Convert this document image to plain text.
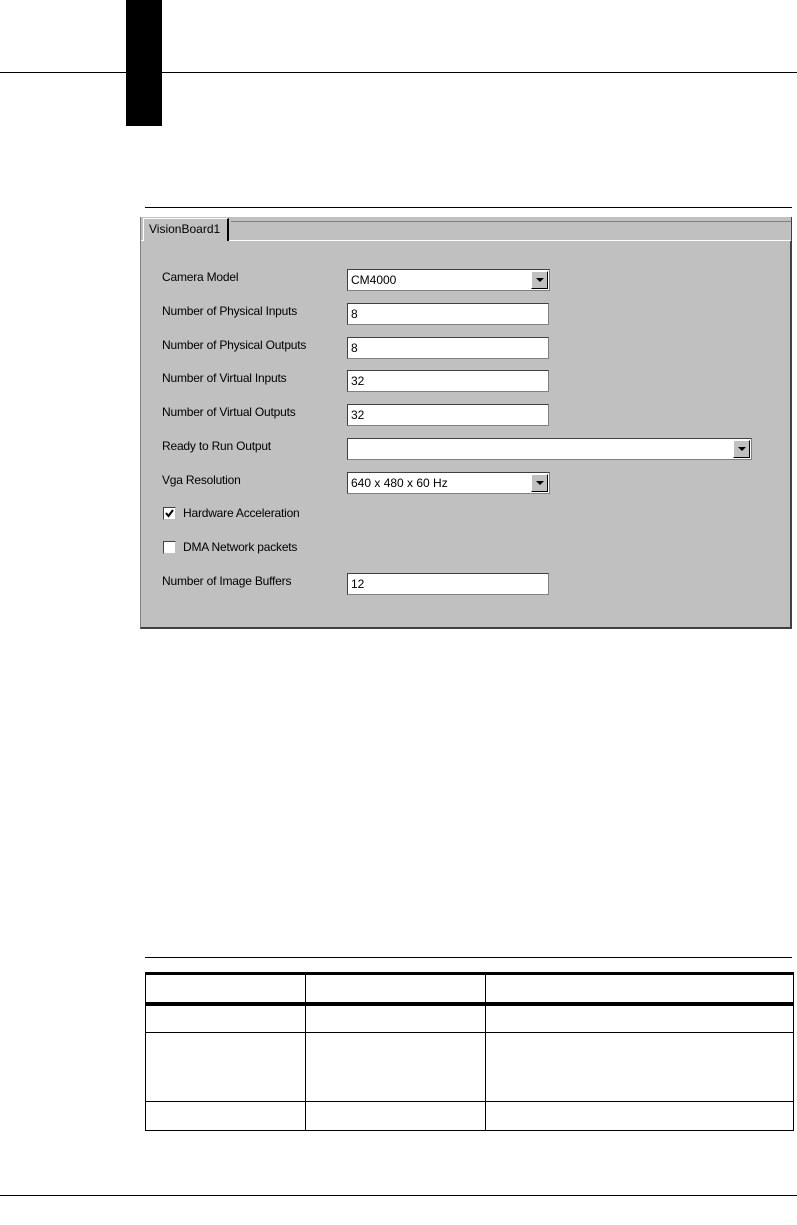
VisionBoard1
Camera Model	CM4000
Number of Physical Inputs	8
Number of Physical Outputs	8
Number of Virtual Inputs	32
Number of Virtual Outputs	32
Ready to Run Output
Vga Resolution	640 x 480 x 60 Hz
Hardware Acceleration
DMA Network packets
Number of Image Buffers	12
